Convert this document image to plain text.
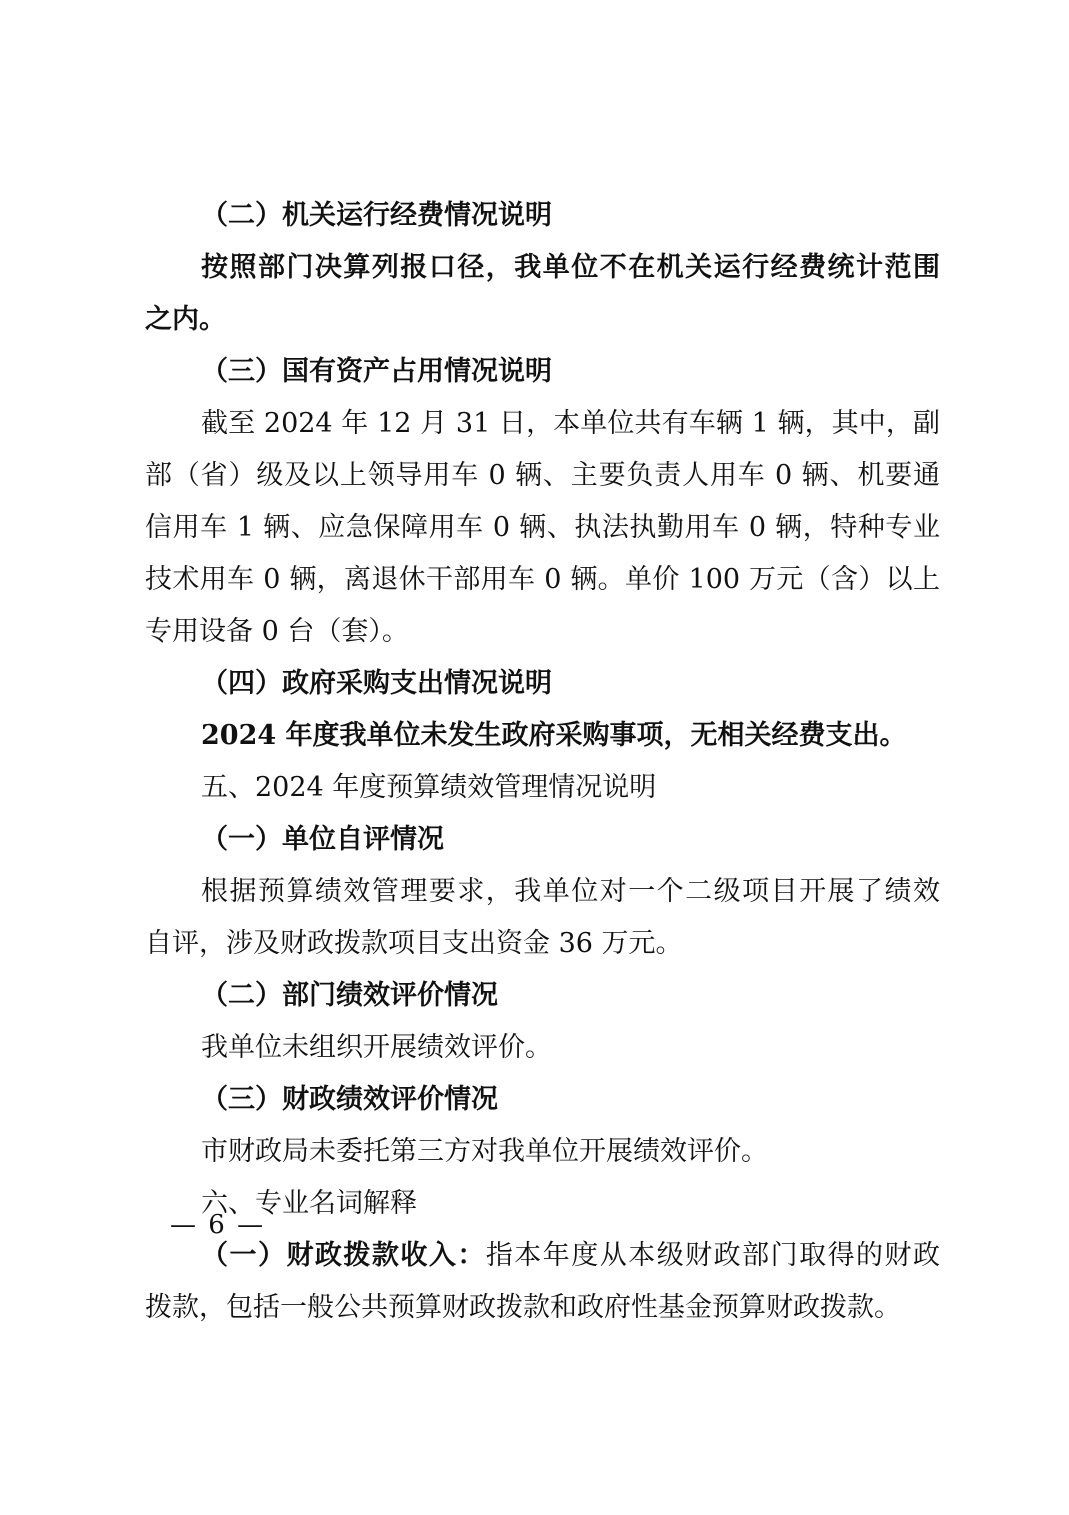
（二）机关运行经费情况说明
按照部门决算列报口径，我单位不在机关运行经费统计范围
之内。
（三）国有资产占用情况说明
截至 2024 年 12 月 31 日，本单位共有车辆 1 辆，其中，副
部（省）级及以上领导用车 0 辆、主要负责人用车 0 辆、机要通
信用车 1 辆、应急保障用车 0 辆、执法执勤用车 0 辆，特种专业
技术用车 0 辆，离退休干部用车 0 辆。单价 100 万元（含）以上
专用设备 0 台（套）。
（四）政府采购支出情况说明
2024 年度我单位未发生政府采购事项，无相关经费支出。
五、2024 年度预算绩效管理情况说明
（一）单位自评情况
根据预算绩效管理要求，我单位对一个二级项目开展了绩效
自评，涉及财政拨款项目支出资金 36 万元。
（二）部门绩效评价情况
我单位未组织开展绩效评价。
（三）财政绩效评价情况
市财政局未委托第三方对我单位开展绩效评价。
六、专业名词解释
（一）财政拨款收入：指本年度从本级财政部门取得的财政
拨款，包括一般公共预算财政拨款和政府性基金预算财政拨款。
— 6 —
